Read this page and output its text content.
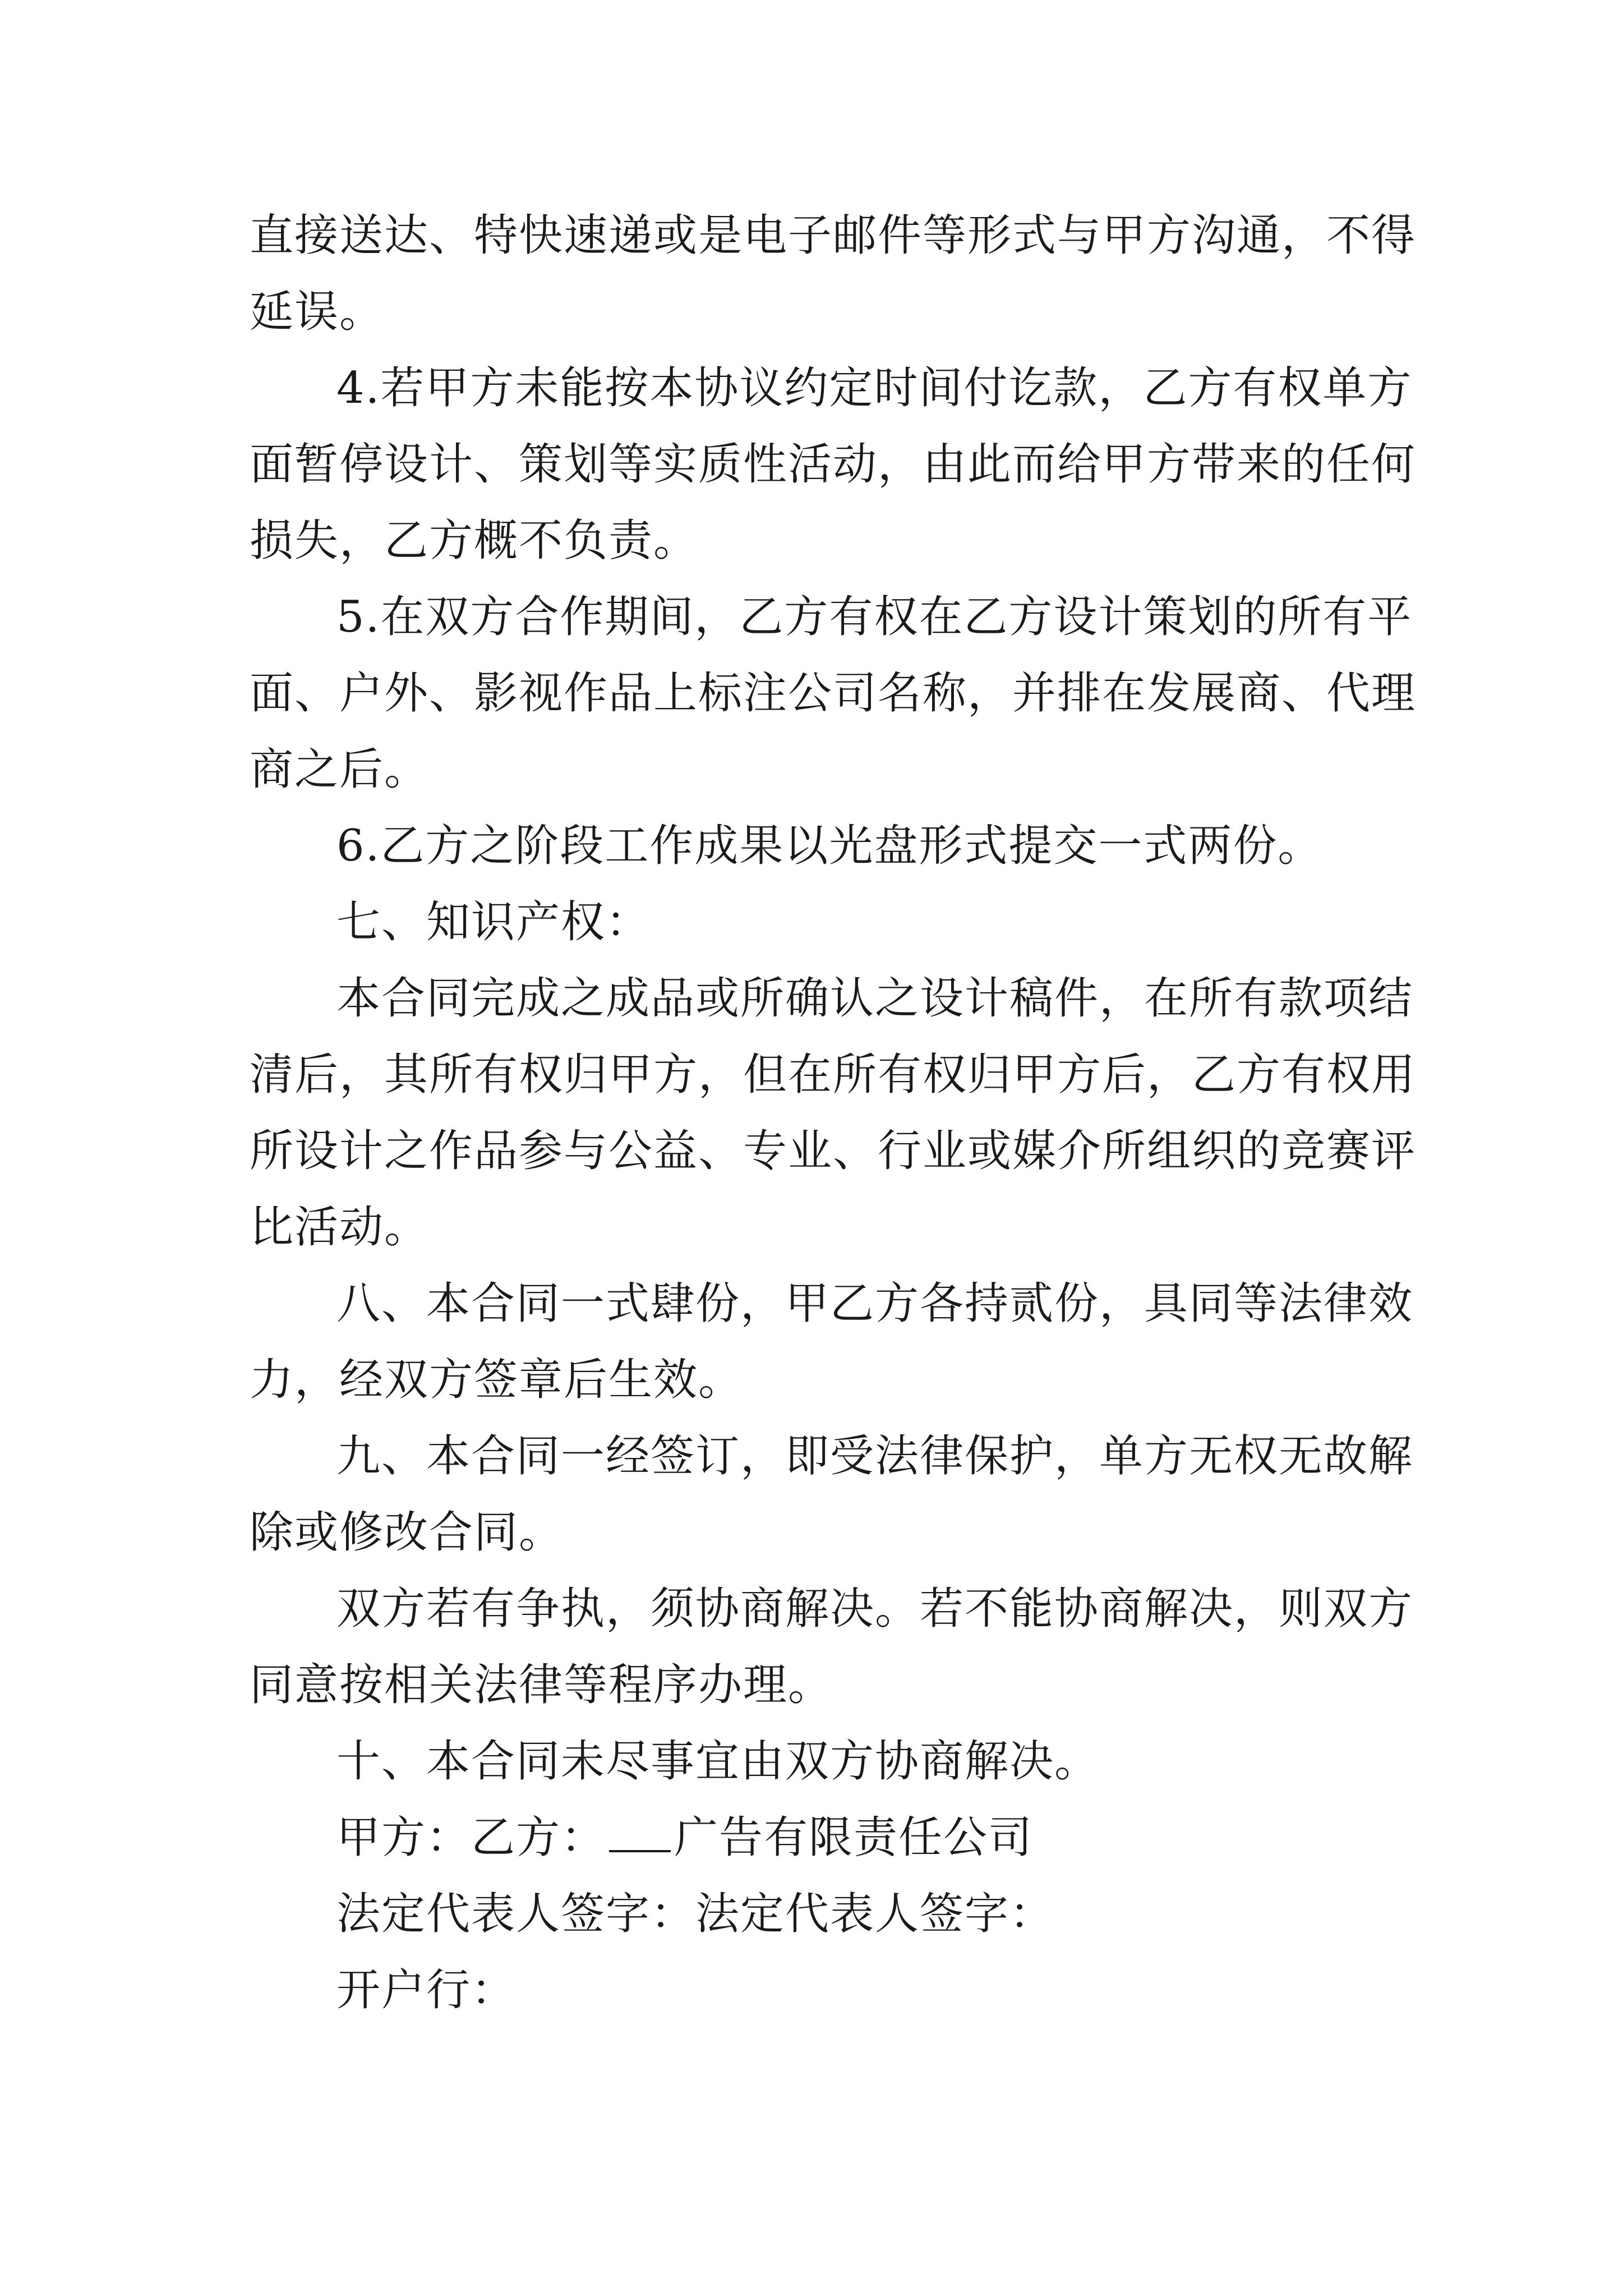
直接送达、特快速递或是电子邮件等形式与甲方沟通，不得
延误。
4.若甲方未能按本协议约定时间付讫款，乙方有权单方
面暂停设计、策划等实质性活动，由此而给甲方带来的任何
损失，乙方概不负责。
5.在双方合作期间，乙方有权在乙方设计策划的所有平
面、户外、影视作品上标注公司名称，并排在发展商、代理
商之后。
6.乙方之阶段工作成果以光盘形式提交一式两份。
七、知识产权：
本合同完成之成品或所确认之设计稿件，在所有款项结
清后，其所有权归甲方，但在所有权归甲方后，乙方有权用
所设计之作品参与公益、专业、行业或媒介所组织的竞赛评
比活动。
八、本合同一式肆份，甲乙方各持贰份，具同等法律效
力，经双方签章后生效。
九、本合同一经签订，即受法律保护，单方无权无故解
除或修改合同。
双方若有争执，须协商解决。若不能协商解决，则双方
同意按相关法律等程序办理。
十、本合同未尽事宜由双方协商解决。
甲方：乙方： 广告有限责任公司
法定代表人签字：法定代表人签字：
开户行：
